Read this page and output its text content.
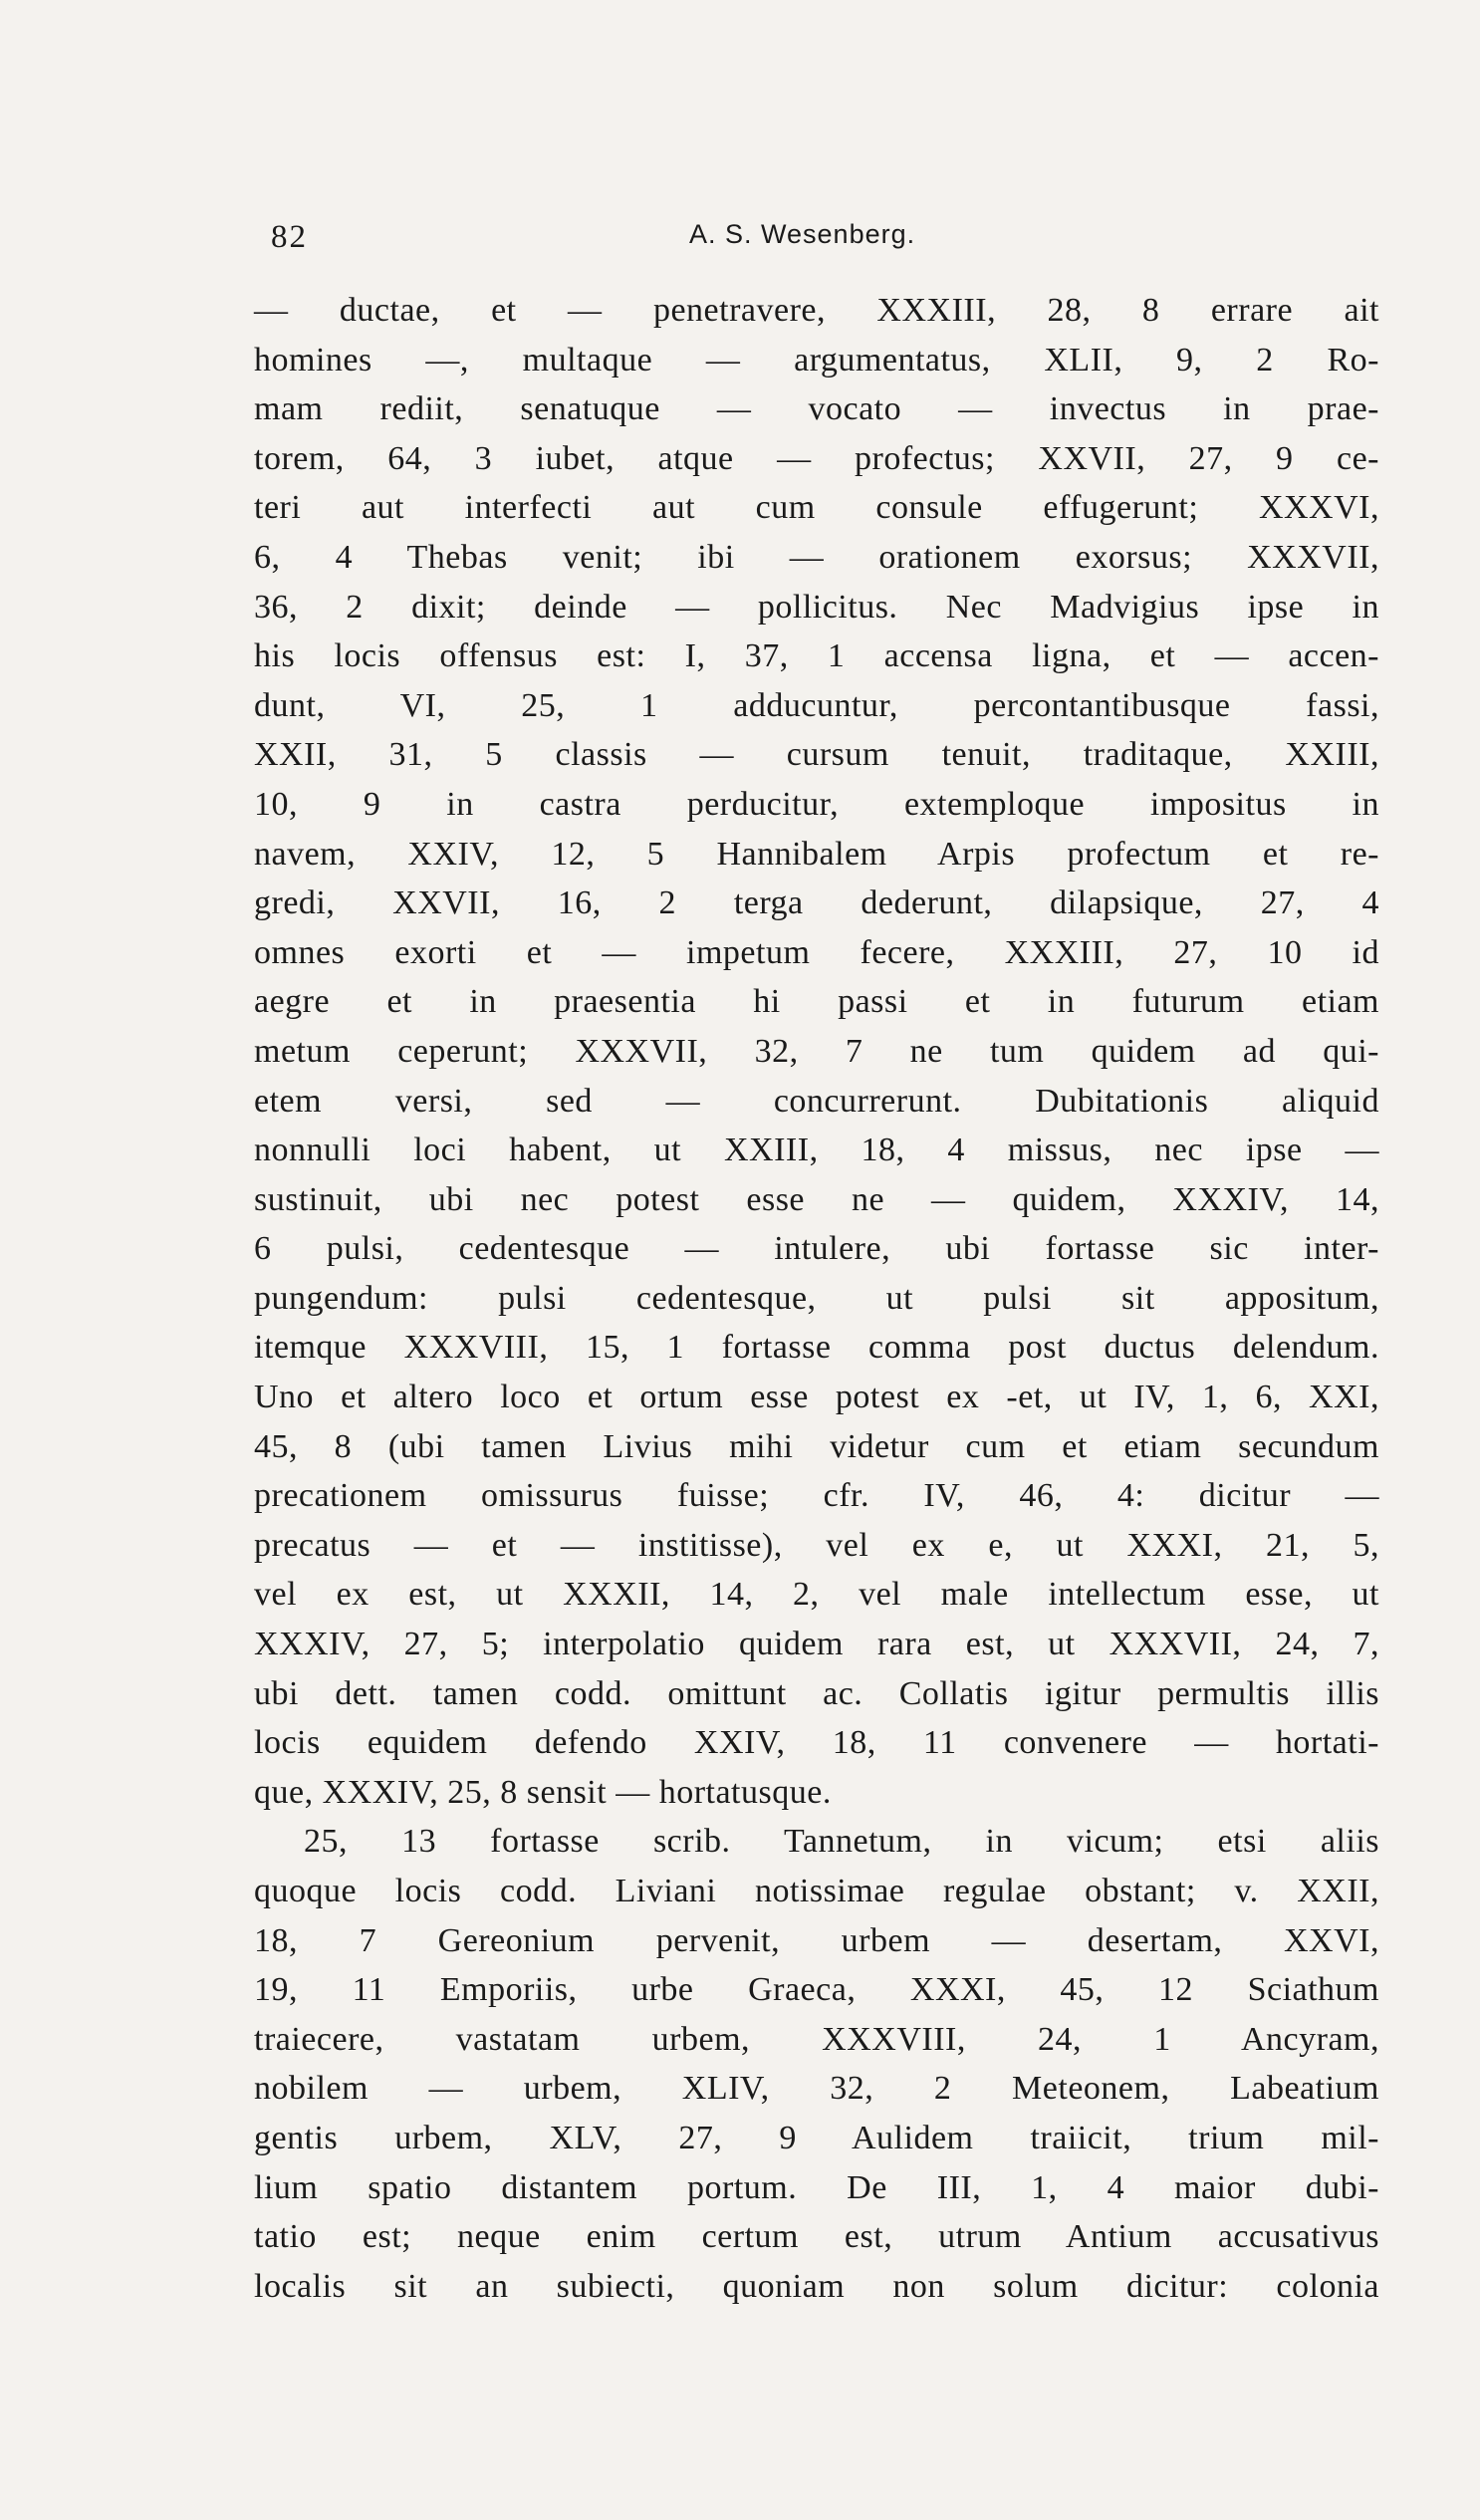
82	A. S. Wesenberg.
— ductae, et — penetravere, XXXIII, 28, 8 errare ait
homines —, multaque — argumentatus, XLII, 9, 2 Ro-
mam rediit, senatuque — vocato — invectus in prae-
torem, 64, 3 iubet, atque — profectus; XXVII, 27, 9 ce-
teri aut interfecti aut cum consule effugerunt; XXXVI,
6, 4 Thebas venit; ibi — orationem exorsus; XXXVII,
36, 2 dixit; deinde — pollicitus. Nec Madvigius ipse in
his locis offensus est: I, 37, 1 accensa ligna, et — accen-
dunt, VI, 25, 1 adducuntur, percontantibusque fassi,
XXII, 31, 5 classis — cursum tenuit, traditaque, XXIII,
10, 9 in castra perducitur, extemploque impositus in
navem, XXIV, 12, 5 Hannibalem Arpis profectum et re-
gredi, XXVII, 16, 2 terga dederunt, dilapsique, 27, 4
omnes exorti et — impetum fecere, XXXIII, 27, 10 id
aegre et in praesentia hi passi et in futurum etiam
metum ceperunt; XXXVII, 32, 7 ne tum quidem ad qui-
etem versi, sed — concurrerunt. Dubitationis aliquid
nonnulli loci habent, ut XXIII, 18, 4 missus, nec ipse —
sustinuit, ubi nec potest esse ne — quidem, XXXIV, 14,
6 pulsi, cedentesque — intulere, ubi fortasse sic inter-
pungendum: pulsi cedentesque, ut pulsi sit appositum,
itemque XXXVIII, 15, 1 fortasse comma post ductus delendum.
Uno et altero loco et ortum esse potest ex -et, ut IV, 1, 6, XXI,
45, 8 (ubi tamen Livius mihi videtur cum et etiam secundum
precationem omissurus fuisse; cfr. IV, 46, 4: dicitur —
precatus — et — institisse), vel ex e, ut XXXI, 21, 5,
vel ex est, ut XXXII, 14, 2, vel male intellectum esse, ut
XXXIV, 27, 5; interpolatio quidem rara est, ut XXXVII, 24, 7,
ubi dett. tamen codd. omittunt ac. Collatis igitur permultis illis
locis equidem defendo XXIV, 18, 11 convenere — hortati-
que, XXXIV, 25, 8 sensit — hortatusque.
25, 13 fortasse scrib. Tannetum, in vicum; etsi aliis
quoque locis codd. Liviani notissimae regulae obstant; v. XXII,
18, 7 Gereonium pervenit, urbem — desertam, XXVI,
19, 11 Emporiis, urbe Graeca, XXXI, 45, 12 Sciathum
traiecere, vastatam urbem, XXXVIII, 24, 1 Ancyram,
nobilem — urbem, XLIV, 32, 2 Meteonem, Labeatium
gentis urbem, XLV, 27, 9 Aulidem traiicit, trium mil-
lium spatio distantem portum. De III, 1, 4 maior dubi-
tatio est; neque enim certum est, utrum Antium accusativus
localis sit an subiecti, quoniam non solum dicitur: colonia
